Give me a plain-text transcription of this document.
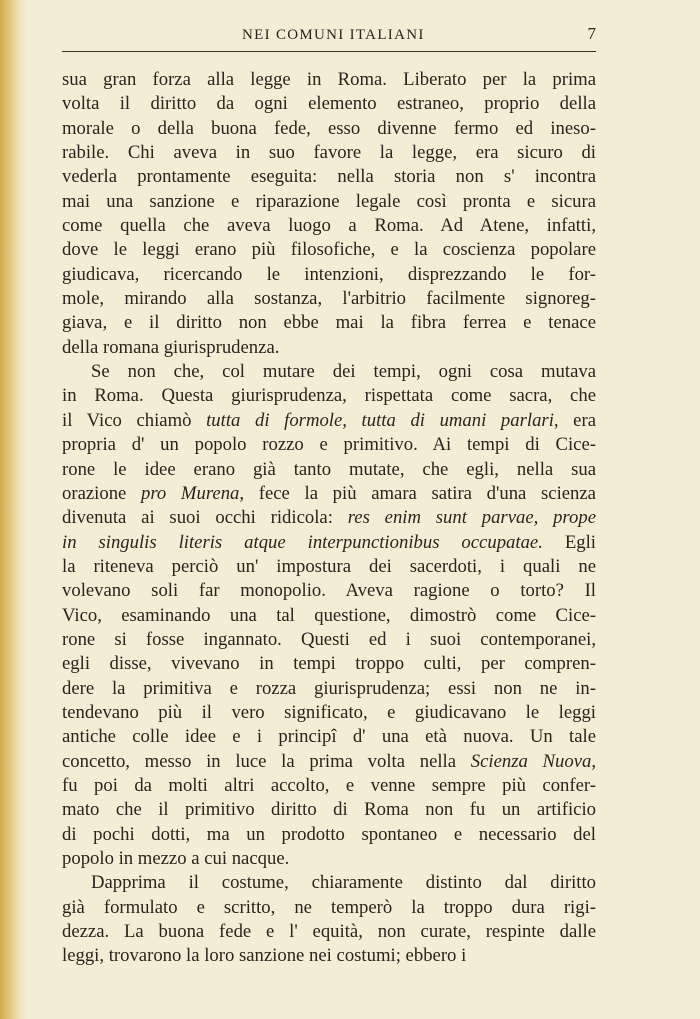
NEI COMUNI ITALIANI	7
sua gran forza alla legge in Roma. Liberato per la prima
volta il diritto da ogni elemento estraneo, proprio della
morale o della buona fede, esso divenne fermo ed ineso-
rabile. Chi aveva in suo favore la legge, era sicuro di
vederla prontamente eseguita: nella storia non s' incontra
mai una sanzione e riparazione legale così pronta e sicura
come quella che aveva luogo a Roma. Ad Atene, infatti,
dove le leggi erano più filosofiche, e la coscienza popolare
giudicava, ricercando le intenzioni, disprezzando le for-
mole, mirando alla sostanza, l'arbitrio facilmente signoreg-
giava, e il diritto non ebbe mai la fibra ferrea e tenace
della romana giurisprudenza.
Se non che, col mutare dei tempi, ogni cosa mutava
in Roma. Questa giurisprudenza, rispettata come sacra, che
il Vico chiamò tutta di formole, tutta di umani parlari, era
propria d' un popolo rozzo e primitivo. Ai tempi di Cice-
rone le idee erano già tanto mutate, che egli, nella sua
orazione pro Murena, fece la più amara satira d'una scienza
divenuta ai suoi occhi ridicola: res enim sunt parvae, prope
in singulis literis atque interpunctionibus occupatae. Egli
la riteneva perciò un' impostura dei sacerdoti, i quali ne
volevano soli far monopolio. Aveva ragione o torto? Il
Vico, esaminando una tal questione, dimostrò come Cice-
rone si fosse ingannato. Questi ed i suoi contemporanei,
egli disse, vivevano in tempi troppo culti, per compren-
dere la primitiva e rozza giurisprudenza; essi non ne in-
tendevano più il vero significato, e giudicavano le leggi
antiche colle idee e i principî d' una età nuova. Un tale
concetto, messo in luce la prima volta nella Scienza Nuova,
fu poi da molti altri accolto, e venne sempre più confer-
mato che il primitivo diritto di Roma non fu un artificio
di pochi dotti, ma un prodotto spontaneo e necessario del
popolo in mezzo a cui nacque.
Dapprima il costume, chiaramente distinto dal diritto
già formulato e scritto, ne temperò la troppo dura rigi-
dezza. La buona fede e l' equità, non curate, respinte dalle
leggi, trovarono la loro sanzione nei costumi; ebbero i
